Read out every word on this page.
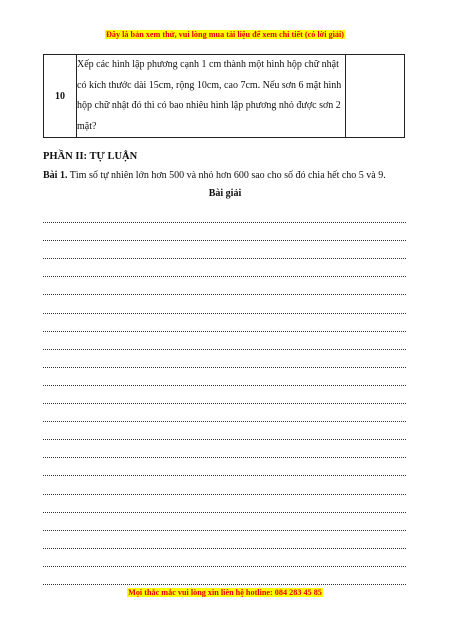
Đây là bản xem thử, vui lòng mua tài liệu để xem chi tiết (có lời giải)
10	Xếp các hình lập phương cạnh 1 cm thành một hình hộp chữ nhật có kích thước dài 15cm, rộng 10cm, cao 7cm. Nếu sơn 6 mặt hình hộp chữ nhật đó thì có bao nhiêu hình lập phương nhỏ được sơn 2 mặt?	
PHẦN II: TỰ LUẬN
Bài 1. Tìm số tự nhiên lớn hơn 500 và nhỏ hơn 600 sao cho số đó chia hết cho 5 và 9.
Bài giải
Mọi thắc mắc vui lòng xin liên hệ hotline: 084 283 45 85
